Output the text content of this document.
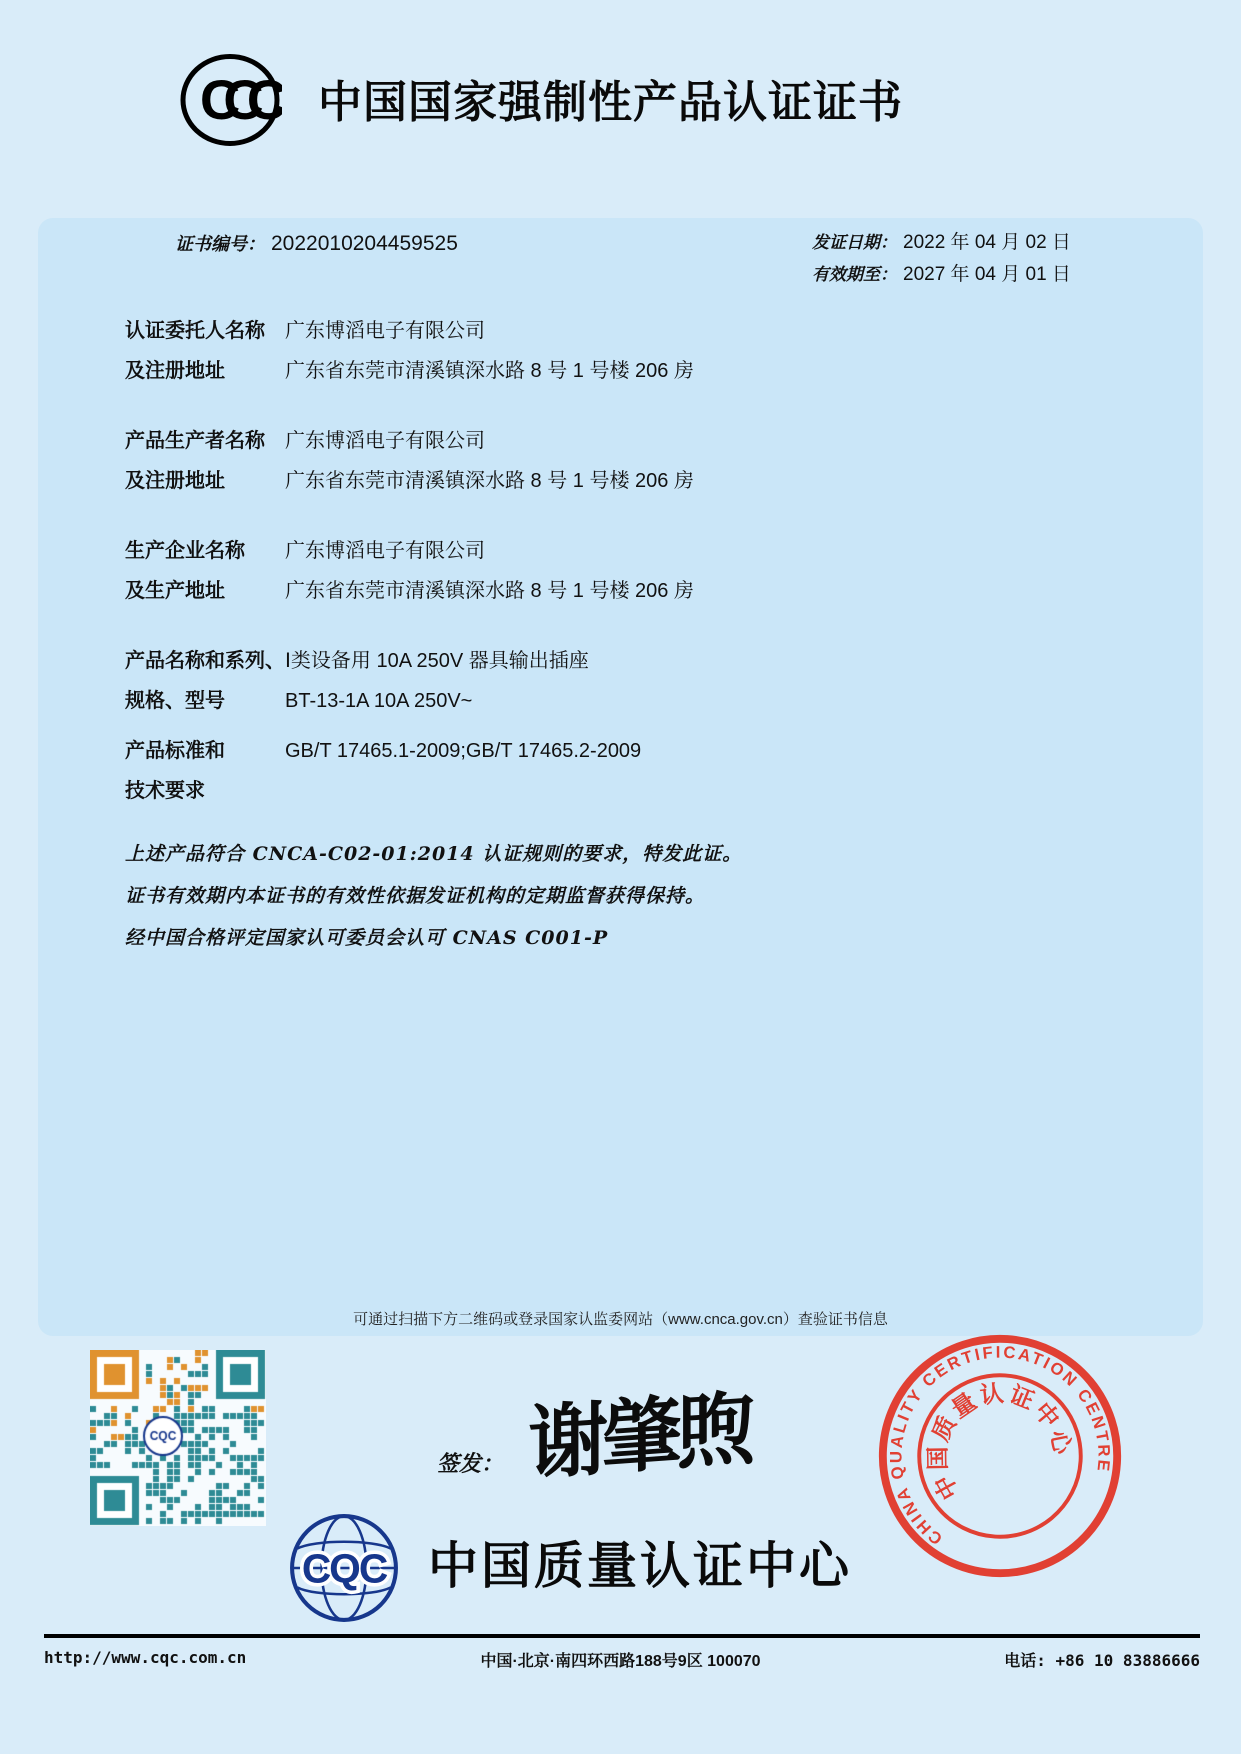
CCC	中国国家强制性产品认证证书
证书编号： 2022010204459525	发证日期： 2022 年 04 月 02 日
有效期至： 2027 年 04 月 01 日
认证委托人名称	广东博滔电子有限公司
及注册地址	广东省东莞市清溪镇深水路 8 号 1 号楼 206 房
产品生产者名称	广东博滔电子有限公司
及注册地址	广东省东莞市清溪镇深水路 8 号 1 号楼 206 房
生产企业名称	广东博滔电子有限公司
及生产地址	广东省东莞市清溪镇深水路 8 号 1 号楼 206 房
产品名称和系列、 Ⅰ类设备用 10A 250V 器具输出插座
规格、型号	BT-13-1A 10A 250V~
产品标准和	GB/T 17465.1-2009;GB/T 17465.2-2009
技术要求
上述产品符合 CNCA-C02-01:2014 认证规则的要求，特发此证。
证书有效期内本证书的有效性依据发证机构的定期监督获得保持。
经中国合格评定国家认可委员会认可 CNAS C001-P
可通过扫描下方二维码或登录国家认监委网站（www.cnca.gov.cn）查验证书信息
签发： 谢肇煦
CQC 中国质量认证中心
CHINA QUALITY CERTIFICATION CENTRE
中国质量认证中心
http://www.cqc.com.cn	中国·北京·南四环西路188号9区 100070	电话: +86 10 83886666
